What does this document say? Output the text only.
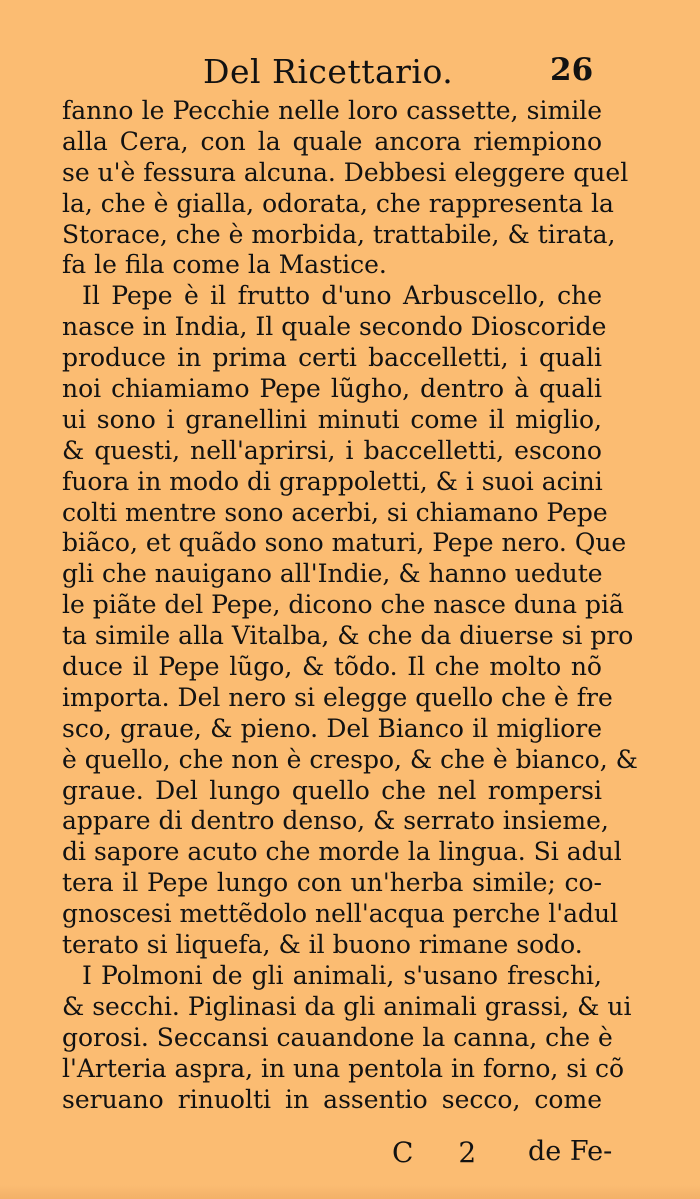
Del Ricettario.	26
fanno le Pecchie nelle loro cassette, simile
alla Cera, con la quale ancora riempiono
se u'è fessura alcuna. Debbesi eleggere quel
la, che è gialla, odorata, che rappresenta la
Storace, che è morbida, trattabile, & tirata,
fa le fila come la Mastice.
Il Pepe è il frutto d'uno Arbuscello, che
nasce in India, Il quale secondo Dioscoride
produce in prima certi baccelletti, i quali
noi chiamiamo Pepe lũgho, dentro à quali
ui sono i granellini minuti come il miglio,
& questi, nell'aprirsi, i baccelletti, escono
fuora in modo di grappoletti, & i suoi acini
colti mentre sono acerbi, si chiamano Pepe
biãco, et quãdo sono maturi, Pepe nero. Que
gli che nauigano all'Indie, & hanno uedute
le piãte del Pepe, dicono che nasce duna piã
ta simile alla Vitalba, & che da diuerse si pro
duce il Pepe lũgo, & tõdo. Il che molto nõ
importa. Del nero si elegge quello che è fre
sco, graue, & pieno. Del Bianco il migliore
è quello, che non è crespo, & che è bianco, &
graue. Del lungo quello che nel rompersi
appare di dentro denso, & serrato insieme,
di sapore acuto che morde la lingua. Si adul
tera il Pepe lungo con un'herba simile; co-
gnoscesi mettẽdolo nell'acqua perche l'adul
terato si liquefa, & il buono rimane sodo.
I Polmoni de gli animali, s'usano freschi,
& secchi. Piglinasi da gli animali grassi, & ui
gorosi. Seccansi cauandone la canna, che è
l'Arteria aspra, in una pentola in forno, si cõ
seruano rinuolti in assentio secco, come
C 2 de Fe-
